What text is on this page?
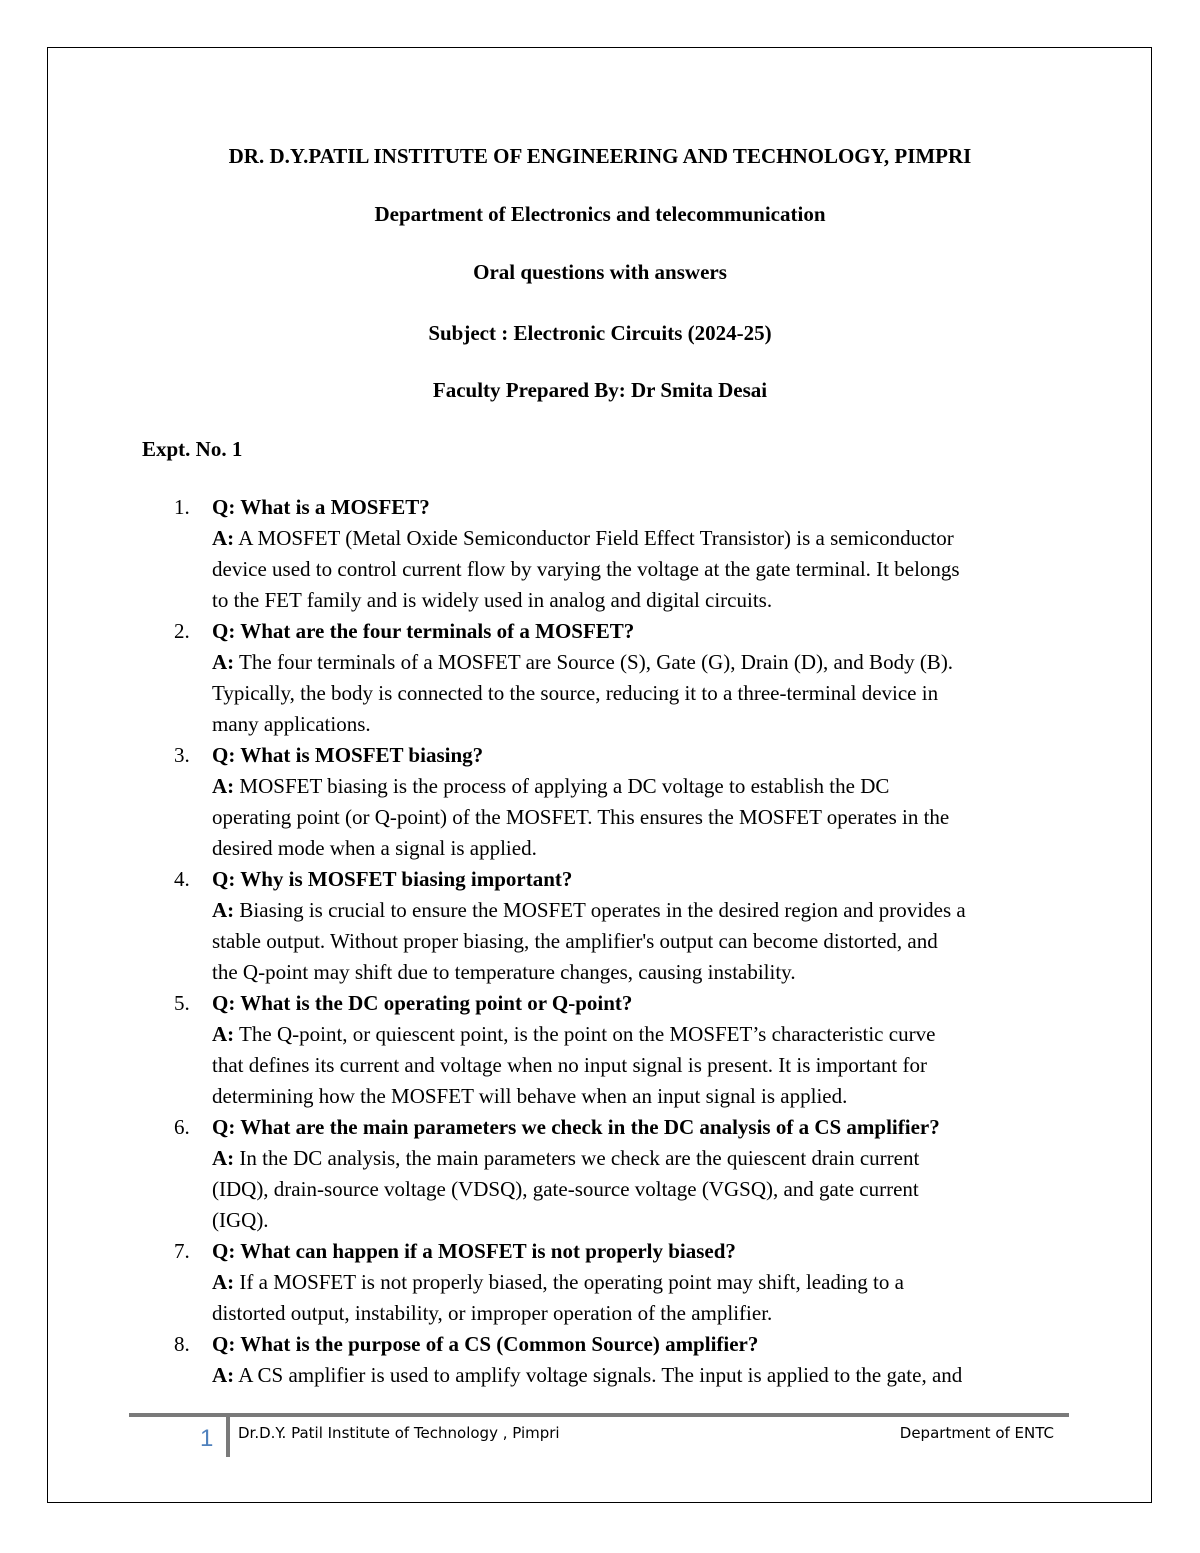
DR. D.Y.PATIL INSTITUTE OF ENGINEERING AND TECHNOLOGY, PIMPRI
Department of Electronics and telecommunication
Oral questions with answers
Subject : Electronic Circuits (2024-25)
Faculty Prepared By: Dr Smita Desai
Expt. No. 1
1. Q: What is a MOSFET?
A: A MOSFET (Metal Oxide Semiconductor Field Effect Transistor) is a semiconductor
device used to control current flow by varying the voltage at the gate terminal. It belongs
to the FET family and is widely used in analog and digital circuits.
2. Q: What are the four terminals of a MOSFET?
A: The four terminals of a MOSFET are Source (S), Gate (G), Drain (D), and Body (B).
Typically, the body is connected to the source, reducing it to a three-terminal device in
many applications.
3. Q: What is MOSFET biasing?
A: MOSFET biasing is the process of applying a DC voltage to establish the DC
operating point (or Q-point) of the MOSFET. This ensures the MOSFET operates in the
desired mode when a signal is applied.
4. Q: Why is MOSFET biasing important?
A: Biasing is crucial to ensure the MOSFET operates in the desired region and provides a
stable output. Without proper biasing, the amplifier's output can become distorted, and
the Q-point may shift due to temperature changes, causing instability.
5. Q: What is the DC operating point or Q-point?
A: The Q-point, or quiescent point, is the point on the MOSFET’s characteristic curve
that defines its current and voltage when no input signal is present. It is important for
determining how the MOSFET will behave when an input signal is applied.
6. Q: What are the main parameters we check in the DC analysis of a CS amplifier?
A: In the DC analysis, the main parameters we check are the quiescent drain current
(IDQ), drain-source voltage (VDSQ), gate-source voltage (VGSQ), and gate current
(IGQ).
7. Q: What can happen if a MOSFET is not properly biased?
A: If a MOSFET is not properly biased, the operating point may shift, leading to a
distorted output, instability, or improper operation of the amplifier.
8. Q: What is the purpose of a CS (Common Source) amplifier?
A: A CS amplifier is used to amplify voltage signals. The input is applied to the gate, and
1 Dr.D.Y. Patil Institute of Technology , Pimpri	Department of ENTC
